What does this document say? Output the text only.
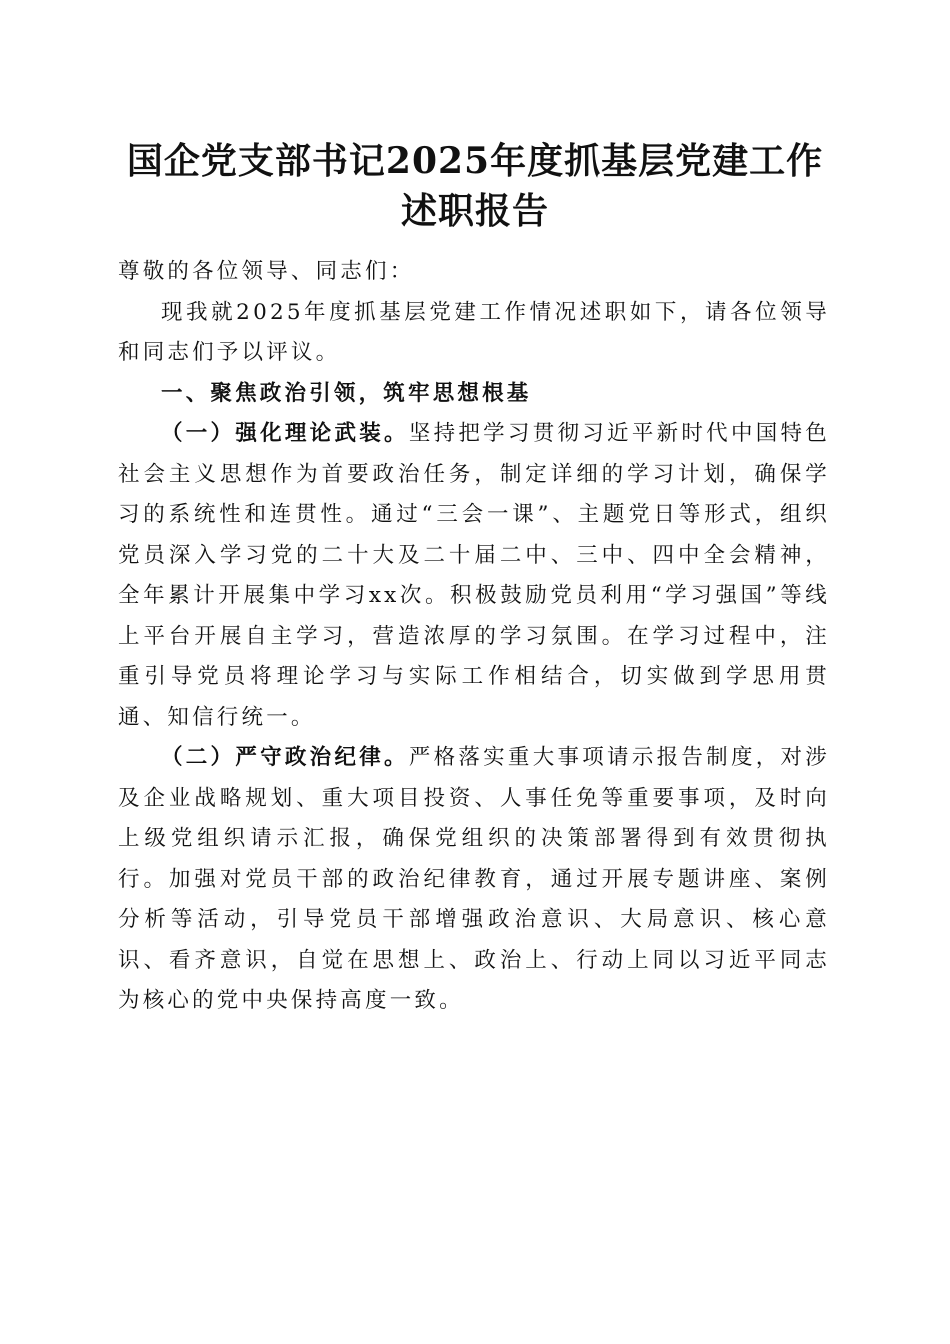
国企党支部书记2025年度抓基层党建工作述职报告

尊敬的各位领导、同志们：

现我就2025年度抓基层党建工作情况述职如下，请各位领导和同志们予以评议。

一、聚焦政治引领，筑牢思想根基

（一）强化理论武装。坚持把学习贯彻习近平新时代中国特色社会主义思想作为首要政治任务，制定详细的学习计划，确保学习的系统性和连贯性。通过“三会一课”、主题党日等形式，组织党员深入学习党的二十大及二十届二中、三中、四中全会精神，全年累计开展集中学习xx次。积极鼓励党员利用“学习强国”等线上平台开展自主学习，营造浓厚的学习氛围。在学习过程中，注重引导党员将理论学习与实际工作相结合，切实做到学思用贯通、知信行统一。

（二）严守政治纪律。严格落实重大事项请示报告制度，对涉及企业战略规划、重大项目投资、人事任免等重要事项，及时向上级党组织请示汇报，确保党组织的决策部署得到有效贯彻执行。加强对党员干部的政治纪律教育，通过开展专题讲座、案例分析等活动，引导党员干部增强政治意识、大局意识、核心意识、看齐意识，自觉在思想上、政治上、行动上同以习近平同志为核心的党中央保持高度一致。
